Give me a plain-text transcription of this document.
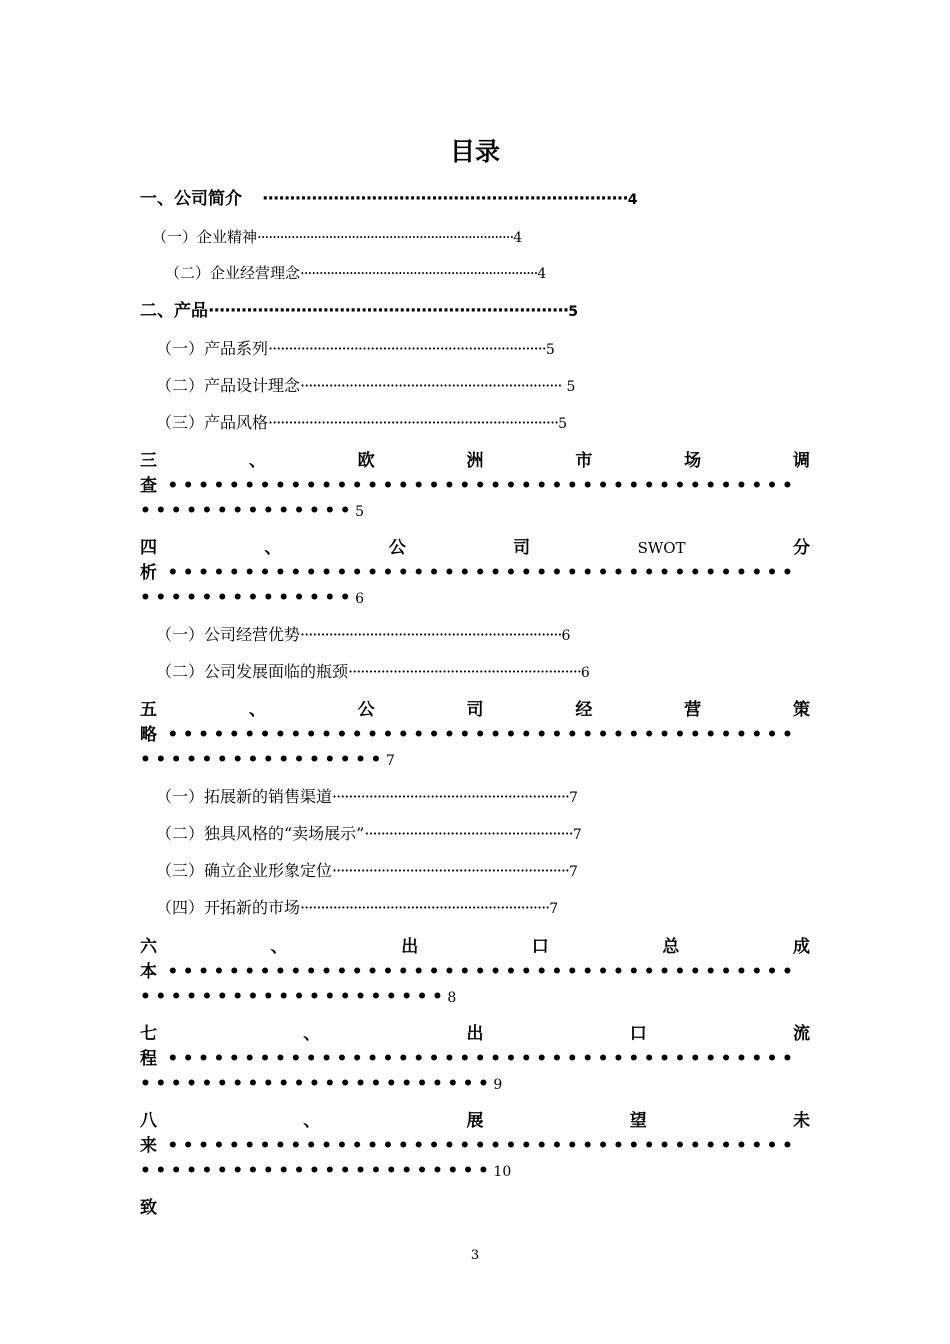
目录
一、公司简介 ···································································4
（一）企业精神····································································4
（二）企业经营理念·······························································4
二、产品··································································5
（一）产品系列····································································5
（二）产品设计理念································································ 5
（三）产品风格·······································································5
三	、	欧	洲	市	场	调
查 •••••••••••••••••••••••••••••••••••••••••
••••••••••••••5
四	、	公	司	SWOT	分
析 •••••••••••••••••••••••••••••••••••••••••
••••••••••••••6
（一）公司经营优势································································6
（二）公司发展面临的瓶颈·························································6
五	、	公	司	经	营	策
略 •••••••••••••••••••••••••••••••••••••••••
••••••••••••••••7
（一）拓展新的销售渠道··························································7
（二）独具风格的“卖场展示”···················································7
（三）确立企业形象定位··························································7
（四）开拓新的市场·····························································7
六	、	出	口	总	成
本 •••••••••••••••••••••••••••••••••••••••••
••••••••••••••••••••8
七	、	出	口	流
程 •••••••••••••••••••••••••••••••••••••••••
•••••••••••••••••••••••9
八	、	展	望	未
来 •••••••••••••••••••••••••••••••••••••••••
•••••••••••••••••••••••10
致
3
